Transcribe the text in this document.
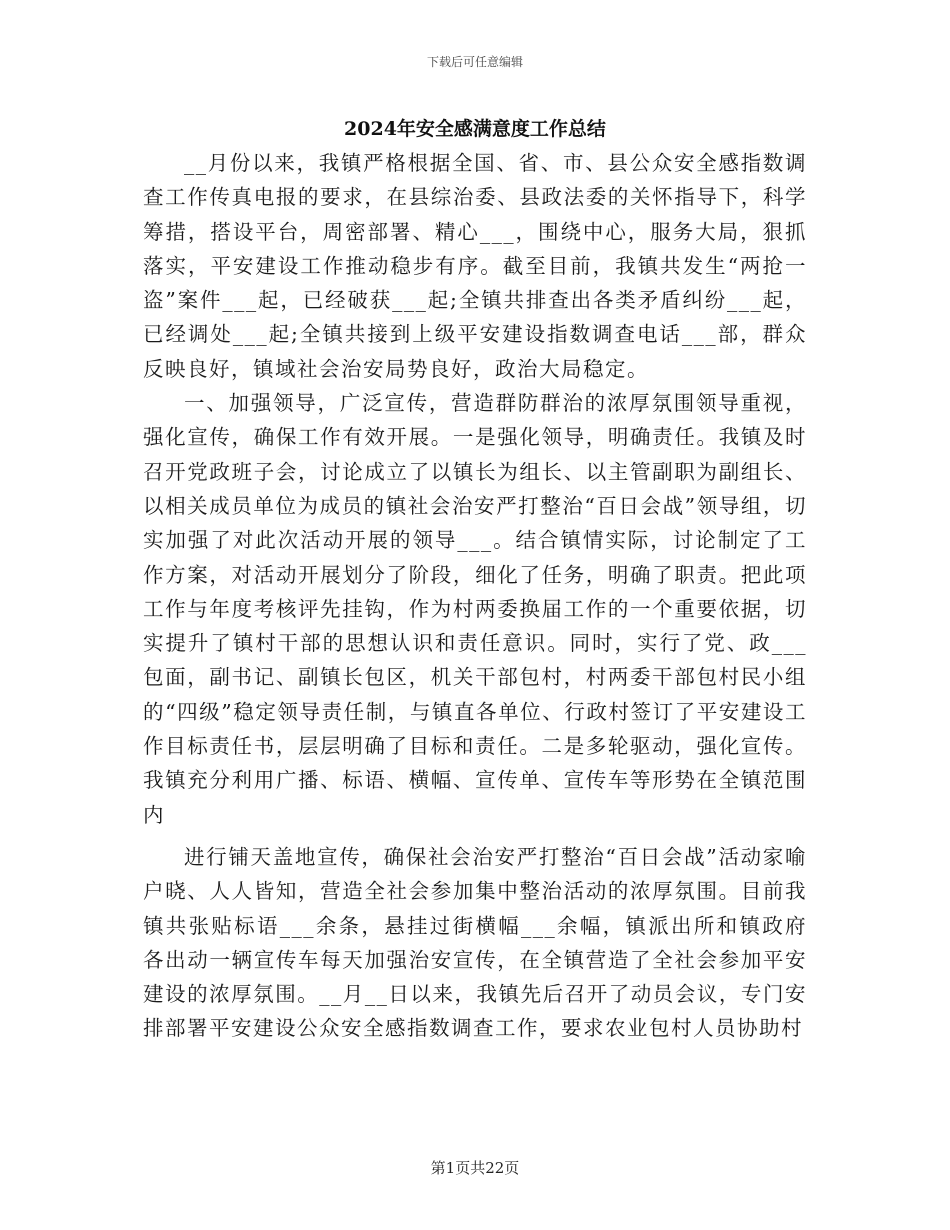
下载后可任意编辑
2024年安全感满意度工作总结

__月份以来，我镇严格根据全国、省、市、县公众安全感指数调查工作传真电报的要求，在县综治委、县政法委的关怀指导下，科学筹措，搭设平台，周密部署、精心___，围绕中心，服务大局，狠抓落实，平安建设工作推动稳步有序。截至目前，我镇共发生“两抢一盗”案件___起，已经破获___起;全镇共排查出各类矛盾纠纷___起，已经调处___起;全镇共接到上级平安建设指数调查电话___部，群众反映良好，镇域社会治安局势良好，政治大局稳定。

一、加强领导，广泛宣传，营造群防群治的浓厚氛围领导重视，强化宣传，确保工作有效开展。一是强化领导，明确责任。我镇及时召开党政班子会，讨论成立了以镇长为组长、以主管副职为副组长、以相关成员单位为成员的镇社会治安严打整治“百日会战”领导组，切实加强了对此次活动开展的领导___。结合镇情实际，讨论制定了工作方案，对活动开展划分了阶段，细化了任务，明确了职责。把此项工作与年度考核评先挂钩，作为村两委换届工作的一个重要依据，切实提升了镇村干部的思想认识和责任意识。同时，实行了党、政___包面，副书记、副镇长包区，机关干部包村，村两委干部包村民小组的“四级”稳定领导责任制，与镇直各单位、行政村签订了平安建设工作目标责任书，层层明确了目标和责任。二是多轮驱动，强化宣传。我镇充分利用广播、标语、横幅、宣传单、宣传车等形势在全镇范围内

进行铺天盖地宣传，确保社会治安严打整治“百日会战”活动家喻户晓、人人皆知，营造全社会参加集中整治活动的浓厚氛围。目前我镇共张贴标语___余条，悬挂过街横幅___余幅，镇派出所和镇政府各出动一辆宣传车每天加强治安宣传，在全镇营造了全社会参加平安建设的浓厚氛围。__月__日以来，我镇先后召开了动员会议，专门安排部署平安建设公众安全感指数调查工作，要求农业包村人员协助村

第1页共22页
